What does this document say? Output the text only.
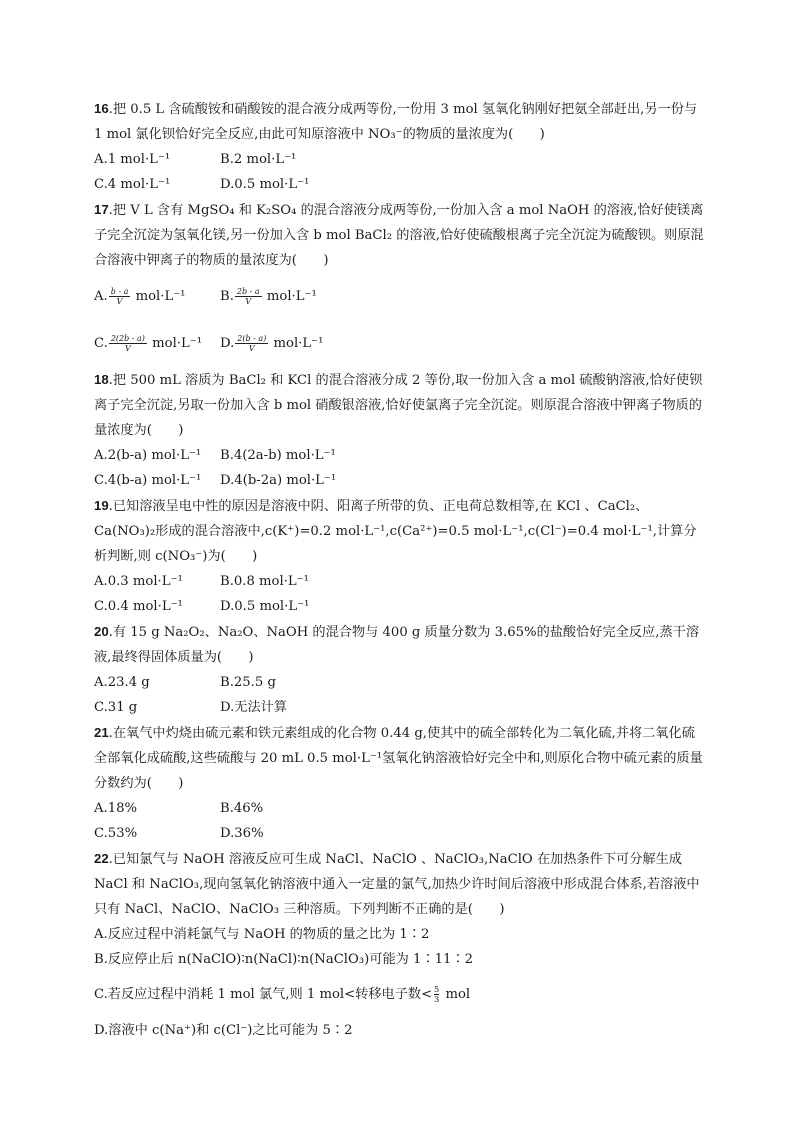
16.把 0.5 L 含硫酸铵和硝酸铵的混合液分成两等份,一份用 3 mol 氢氧化钠刚好把氨全部赶出,另一份与 1 mol 氯化钡恰好完全反应,由此可知原溶液中 NO₃⁻的物质的量浓度为(　　)

A.1 mol·L⁻¹	B.2 mol·L⁻¹
C.4 mol·L⁻¹	D.0.5 mol·L⁻¹

17.把 V L 含有 MgSO₄ 和 K₂SO₄ 的混合溶液分成两等份,一份加入含 a mol NaOH 的溶液,恰好使镁离子完全沉淀为氢氧化镁,另一份加入含 b mol BaCl₂ 的溶液,恰好使硫酸根离子完全沉淀为硫酸钡。则原混合溶液中钾离子的物质的量浓度为(　　)

A. $\frac{b - a}{V} mol\cdot L^{-1}$	B. $\frac{2b - a}{V} mol\cdot L^{-1}$
C. $\frac{2(2b - a)}{V} mol\cdot L^{-1}$	D. $\frac{2(b - a)}{V} mol\cdot L^{-1}$

18.把 500 mL 溶质为 BaCl₂ 和 KCl 的混合溶液分成 2 等份,取一份加入含 a mol 硫酸钠溶液,恰好使钡离子完全沉淀,另取一份加入含 b mol 硝酸银溶液,恰好使氯离子完全沉淀。则原混合溶液中钾离子物质的量浓度为(　　)

A.2(b-a) mol·L⁻¹	B.4(2a-b) mol·L⁻¹
C.4(b-a) mol·L⁻¹	D.4(b-2a) mol·L⁻¹

19.已知溶液呈电中性的原因是溶液中阴、阳离子所带的负、正电荷总数相等,在 KCl 、CaCl₂、Ca(NO₃)₂形成的混合溶液中,c(K⁺)=0.2 mol·L⁻¹,c(Ca²⁺)=0.5 mol·L⁻¹,c(Cl⁻)=0.4 mol·L⁻¹,计算分析判断,则 c(NO₃⁻)为(　　)

A.0.3 mol·L⁻¹	B.0.8 mol·L⁻¹
C.0.4 mol·L⁻¹	D.0.5 mol·L⁻¹

20.有 15 g Na₂O₂、Na₂O、NaOH 的混合物与 400 g 质量分数为 3.65%的盐酸恰好完全反应,蒸干溶液,最终得固体质量为(　　)

A.23.4 g	B.25.5 g
C.31 g	D.无法计算

21.在氧气中灼烧由硫元素和铁元素组成的化合物 0.44 g,使其中的硫全部转化为二氧化硫,并将二氧化硫全部氧化成硫酸,这些硫酸与 20 mL 0.5 mol·L⁻¹氢氧化钠溶液恰好完全中和,则原化合物中硫元素的质量分数约为(　　)

A.18%	B.46%
C.53%	D.36%

22.已知氯气与 NaOH 溶液反应可生成 NaCl、NaClO 、NaClO₃,NaClO 在加热条件下可分解生成 NaCl 和 NaClO₃,现向氢氧化钠溶液中通入一定量的氯气,加热少许时间后溶液中形成混合体系,若溶液中只有 NaCl、NaClO、NaClO₃ 三种溶质。下列判断不正确的是(　　)

A.反应过程中消耗氯气与 NaOH 的物质的量之比为 1∶2
B.反应停止后 n(NaClO)∶n(NaCl)∶n(NaClO₃)可能为 1∶11∶2
C.若反应过程中消耗 1 mol 氯气,则 1 mol<转移电子数< $\frac{5}{3}$ mol
D.溶液中 c(Na⁺)和 c(Cl⁻)之比可能为 5∶2
